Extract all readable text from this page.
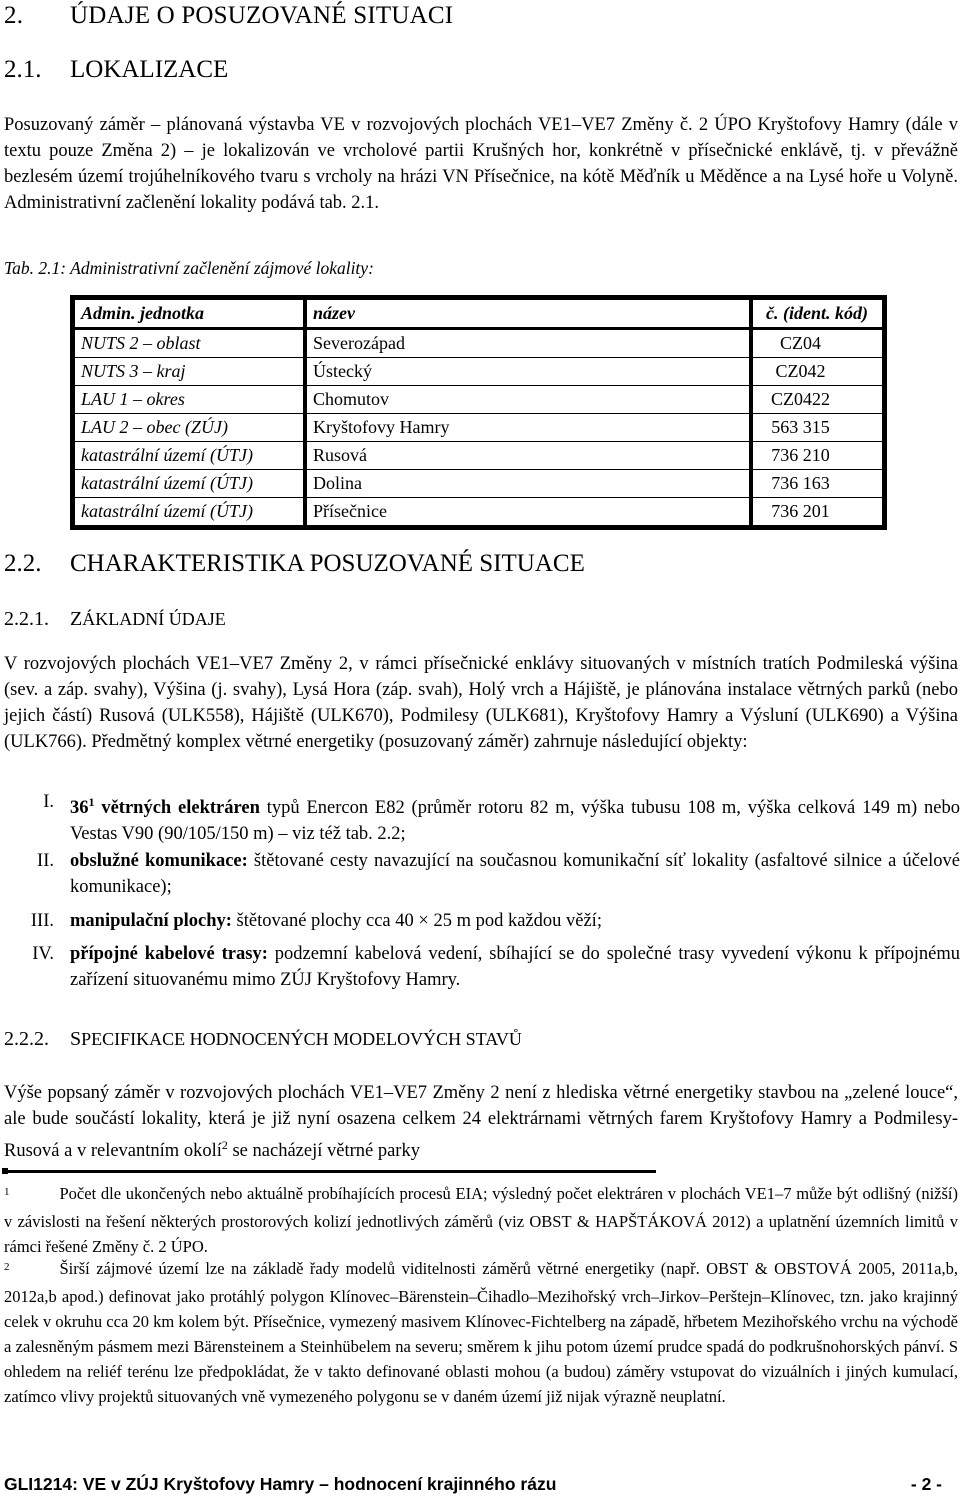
2. ÚDAJE O POSUZOVANÉ SITUACI
2.1. LOKALIZACE

Posuzovaný záměr – plánovaná výstavba VE v rozvojových plochách VE1–VE7 Změny č. 2 ÚPO Kryštofovy Hamry (dále v textu pouze Změna 2) – je lokalizován ve vrcholové partii Krušných hor, konkrétně v přísečnické enklávě, tj. v převážně bezlesém území trojúhelníkového tvaru s vrcholy na hrázi VN Přísečnice, na kótě Měďník u Měděnce a na Lysé hoře u Volyně. Administrativní začlenění lokality podává tab. 2.1.

Tab. 2.1: Administrativní začlenění zájmové lokality:
Admin. jednotka	název	č. (ident. kód)
NUTS 2 – oblast	Severozápad	CZ04
NUTS 3 – kraj	Ústecký	CZ042
LAU 1 – okres	Chomutov	CZ0422
LAU 2 – obec (ZÚJ)	Kryštofovy Hamry	563 315
katastrální území (ÚTJ)	Rusová	736 210
katastrální území (ÚTJ)	Dolina	736 163
katastrální území (ÚTJ)	Přísečnice	736 201
2.2. CHARAKTERISTIKA POSUZOVANÉ SITUACE
2.2.1. ZÁKLADNÍ ÚDAJE

V rozvojových plochách VE1–VE7 Změny 2, v rámci přísečnické enklávy situovaných v místních tratích Podmileská výšina (sev. a záp. svahy), Výšina (j. svahy), Lysá Hora (záp. svah), Holý vrch a Hájiště, je plánována instalace větrných parků (nebo jejich částí) Rusová (ULK558), Hájiště (ULK670), Podmilesy (ULK681), Kryštofovy Hamry a Výsluní (ULK690) a Výšina (ULK766). Předmětný komplex větrné energetiky (posuzovaný záměr) zahrnuje následující objekty:

I. $36^1$ větrných elektráren typů Enercon E82 (průměr rotoru 82 m, výška tubusu 108 m, výška celková 149 m) nebo Vestas V90 (90/105/150 m) – viz též tab. 2.2;
II. obslužné komunikace: štětované cesty navazující na současnou komunikační síť lokality (asfaltové silnice a účelové komunikace);
III. manipulační plochy: štětované plochy cca 40 × 25 m pod každou věží;
IV. přípojné kabelové trasy: podzemní kabelová vedení, sbíhající se do společné trasy vyvedení výkonu k přípojnému zařízení situovanému mimo ZÚJ Kryštofovy Hamry.
2.2.2. SPECIFIKACE HODNOCENÝCH MODELOVÝCH STAVŮ

Výše popsaný záměr v rozvojových plochách VE1–VE7 Změny 2 není z hlediska větrné energetiky stavbou na „zelené louce“, ale bude součástí lokality, která je již nyní osazena celkem 24 elektrárnami větrných farem Kryštofovy Hamry a Podmilesy-Rusová a v relevantním okolí$^2$ se nacházejí větrné parky

$^1$	Počet dle ukončených nebo aktuálně probíhajících procesů EIA; výsledný počet elektráren v plochách VE1–7 může být odlišný (nižší) v závislosti na řešení některých prostorových kolizí jednotlivých záměrů (viz OBST & HAPŠTÁKOVÁ 2012) a uplatnění územních limitů v rámci řešené Změny č. 2 ÚPO.
$^2$	Širší zájmové území lze na základě řady modelů viditelnosti záměrů větrné energetiky (např. OBST & OBSTOVÁ 2005, 2011a,b, 2012a,b apod.) definovat jako protáhlý polygon Klínovec–Bärenstein–Čihadlo–Mezihořský vrch–Jirkov–Perštejn–Klínovec, tzn. jako krajinný celek v okruhu cca 20 km kolem být. Přísečnice, vymezený masivem Klínovec-Fichtelberg na západě, hřbetem Mezihořského vrchu na východě a zalesněným pásmem mezi Bärensteinem a Steinhübelem na severu; směrem k jihu potom území prudce spadá do podkrušnohorských pánví. S ohledem na reliéf terénu lze předpokládat, že v takto definované oblasti mohou (a budou) záměry vstupovat do vizuálních i jiných kumulací, zatímco vlivy projektů situovaných vně vymezeného polygonu se v daném území již nijak výrazně neuplatní.
GLI1214: VE v ZÚJ Kryštofovy Hamry – hodnocení krajinného rázu	- 2 -
